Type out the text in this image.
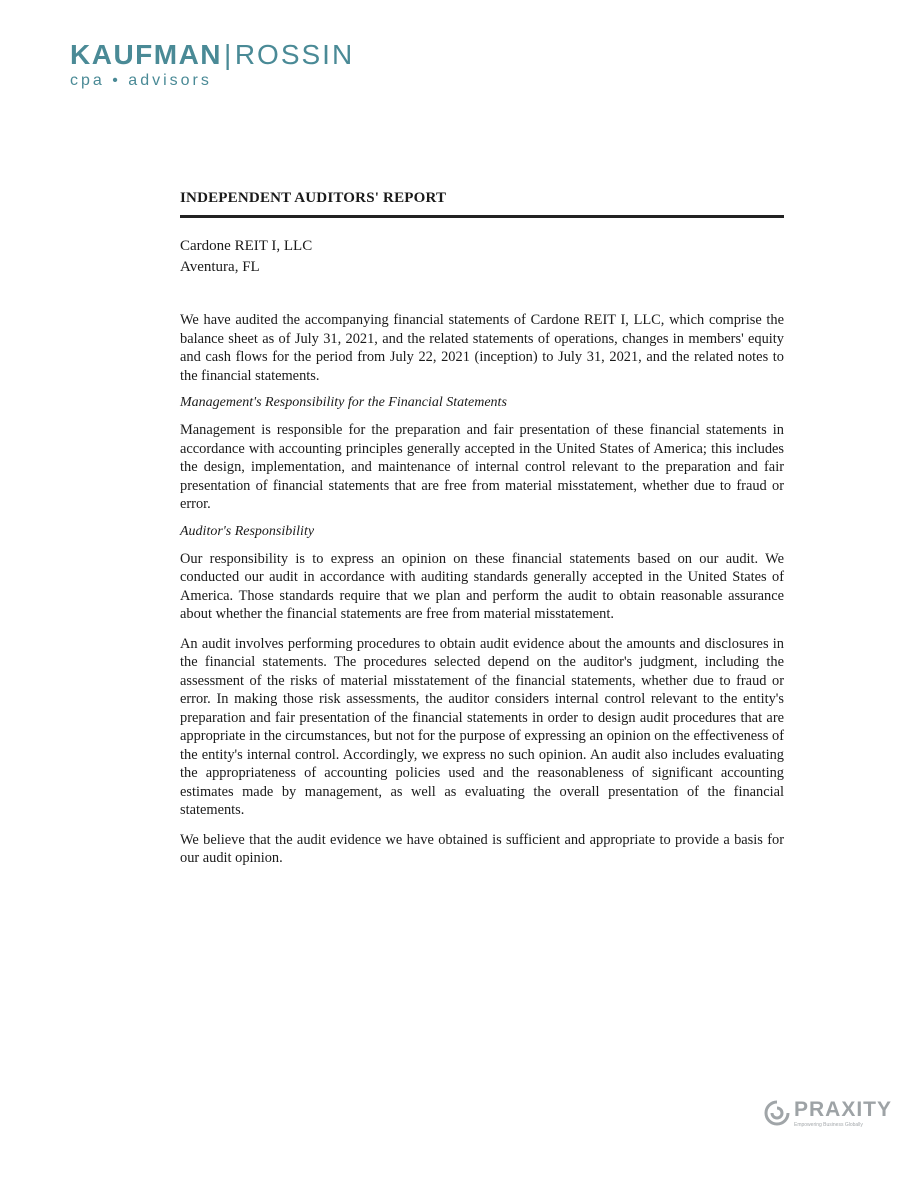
KAUFMAN|ROSSIN
cpa • advisors
INDEPENDENT AUDITORS' REPORT
Cardone REIT I, LLC
Aventura, FL

We have audited the accompanying financial statements of Cardone REIT I, LLC, which comprise the balance sheet as of July 31, 2021, and the related statements of operations, changes in members' equity and cash flows for the period from July 22, 2021 (inception) to July 31, 2021, and the related notes to the financial statements.

Management's Responsibility for the Financial Statements

Management is responsible for the preparation and fair presentation of these financial statements in accordance with accounting principles generally accepted in the United States of America; this includes the design, implementation, and maintenance of internal control relevant to the preparation and fair presentation of financial statements that are free from material misstatement, whether due to fraud or error.

Auditor's Responsibility

Our responsibility is to express an opinion on these financial statements based on our audit. We conducted our audit in accordance with auditing standards generally accepted in the United States of America. Those standards require that we plan and perform the audit to obtain reasonable assurance about whether the financial statements are free from material misstatement.

An audit involves performing procedures to obtain audit evidence about the amounts and disclosures in the financial statements. The procedures selected depend on the auditor's judgment, including the assessment of the risks of material misstatement of the financial statements, whether due to fraud or error. In making those risk assessments, the auditor considers internal control relevant to the entity's preparation and fair presentation of the financial statements in order to design audit procedures that are appropriate in the circumstances, but not for the purpose of expressing an opinion on the effectiveness of the entity's internal control. Accordingly, we express no such opinion. An audit also includes evaluating the appropriateness of accounting policies used and the reasonableness of significant accounting estimates made by management, as well as evaluating the overall presentation of the financial statements.

We believe that the audit evidence we have obtained is sufficient and appropriate to provide a basis for our audit opinion.

PRAXITY
Empowering Business Globally
